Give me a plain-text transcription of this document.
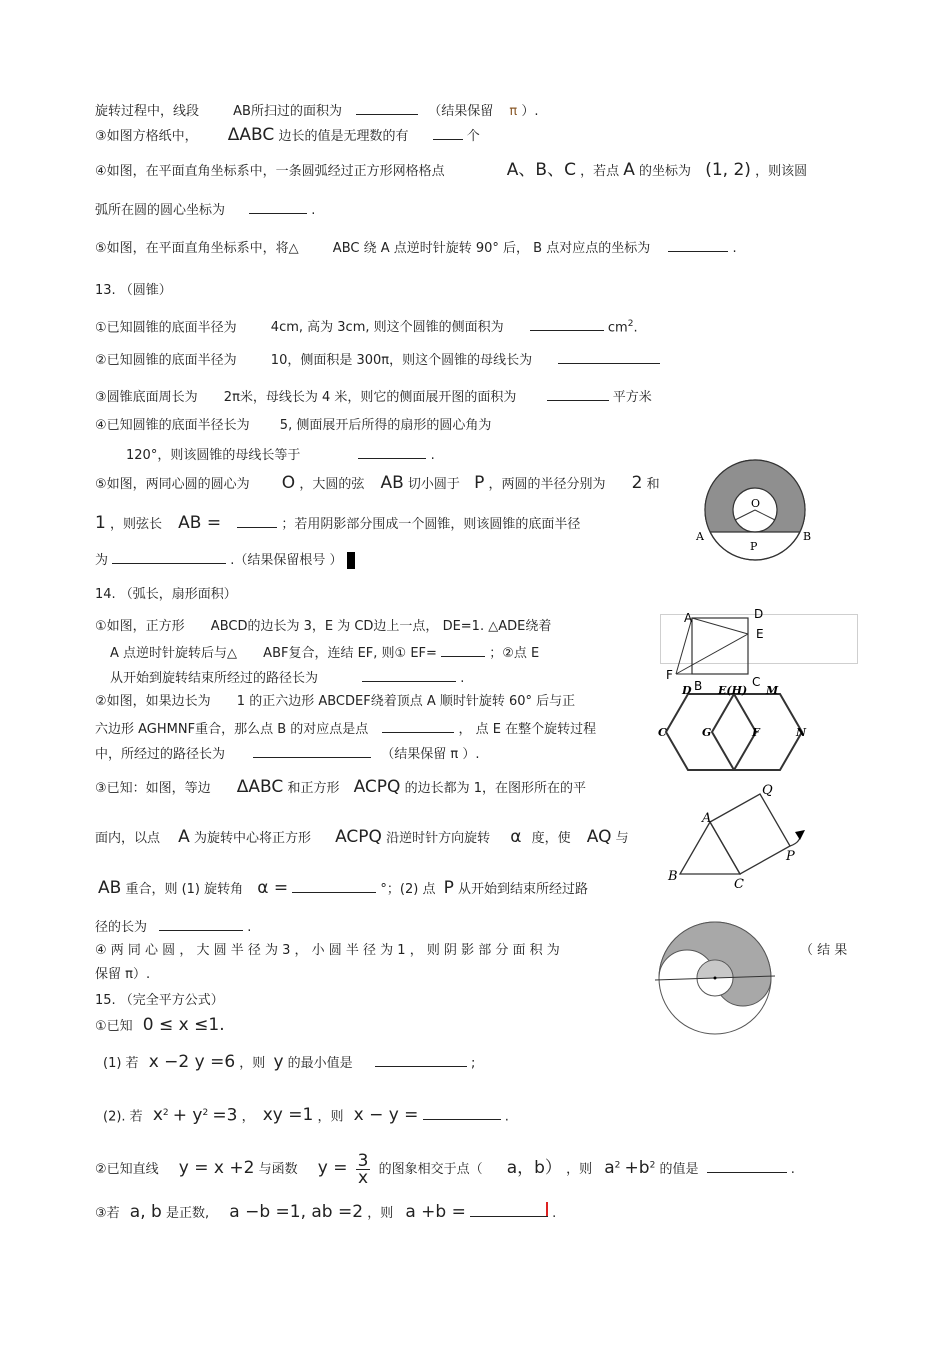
旋转过程中，线段	AB所扫过的面积为	（结果保留 π ）.
③如图方格纸中， ΔABC 边长的值是无理数的有	个
④如图，在平面直角坐标系中，一条圆弧经过正方形网格格点	A、B、C ，若点 A 的坐标为 (1, 2) ，则该圆
弧所在圆的圆心坐标为	.
⑤如图，在平面直角坐标系中，将△	ABC 绕 A 点逆时针旋转 90° 后， B 点对应点的坐标为	.
13. （圆锥）
①已知圆锥的底面半径为	4cm, 高为 3cm, 则这个圆锥的侧面积为	$cm^2$.
②已知圆锥的底面半径为	10，侧面积是 300π，则这个圆锥的母线长为
③圆锥底面周长为 2π米，母线长为 4 米，则它的侧面展开图的面积为	平方米
④已知圆锥的底面半径长为 5, 侧面展开后所得的扇形的圆心角为
120°，则该圆锥的母线长等于	.
⑤如图，两同心圆的圆心为 O ，大圆的弦 AB 切小圆于 P ，两圆的半径分别为 2 和
1 ，则弦长 AB =	；若用阴影部分围成一个圆锥，则该圆锥的底面半径
为	.（结果保留根号 ）
O
A
P
B
14. （弧长，扇形面积）
①如图，正方形 ABCD的边长为 3，E 为 CD边上一点， DE=1. △ADE绕着
A 点逆时针旋转后与△ ABF复合，连结 EF, 则① EF=	；②点 E
从开始到旋转结束所经过的路径长为	.
A	D
E
F
B	C
②如图，如果边长为 1 的正六边形 ABCDEF绕着顶点 A 顺时针旋转 60° 后与正
六边形 AGHMNF重合，那么点 B 的对应点是点	， 点 E 在整个旋转过程
中，所经过的路径长为	（结果保留 π ）.
D E(H) M
C	G	F	N
③已知：如图，等边 ΔABC 和正方形 ACPQ 的边长都为 1，在图形所在的平
面内，以点 A 为旋转中心将正方形 ACPQ 沿逆时针方向旋转 α 度，使 AQ 与
AB 重合，则 (1) 旋转角 α =	°；(2) 点 P 从开始到结束所经过路
径的长为	.
A
Q
B
C
P
④ 两 同 心 圆 ， 大 圆 半 径 为 3 ， 小 圆 半 径 为 1 ， 则 阴 影 部 分 面 积 为	（ 结 果
保留 π）.
15. （完全平方公式）
①已知 0 ≤ x ≤1.
(1) 若 x −2 y =6 ，则 y 的最小值是	;
(2). 若 $x^2 + y^2 =3$ ， xy =1 ，则 x − y =	.
②已知直线 y = x +2 与函数 $y = \frac{3}{x}$ 的图象相交于点（ a，b） ，则 $a^2 +b^2$ 的值是	.
③若 a, b 是正数, a −b =1, ab =2 ，则 a +b =	.
